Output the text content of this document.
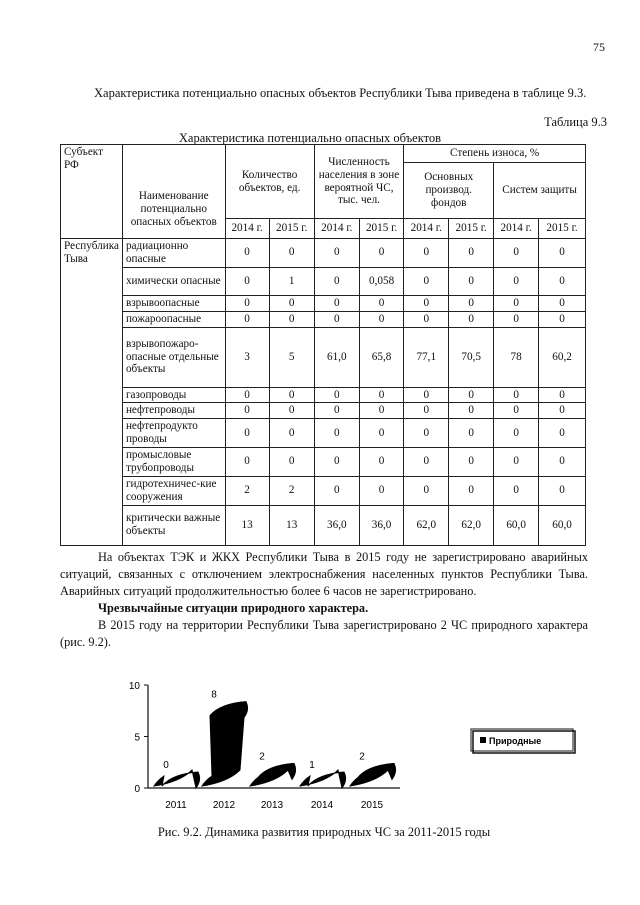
75
Характеристика потенциально опасных объектов Республики Тыва приведена в таблице 9.3.
Таблица 9.3
Характеристика потенциально опасных объектов
Субъект РФ	Наименование потенциально опасных объектов	Количество объектов, ед.		Численность населения в зоне вероятной ЧС, тыс. чел.		Степень износа, %			
						Основных производ. фондов		Систем защиты	
		2014 г.	2015 г.	2014 г.	2015 г.	2014 г.	2015 г.	2014 г.	2015 г.
Республика Тыва	радиационно опасные	0	0	0	0	0	0	0	0
	химически опасные	0	1	0	0,058	0	0	0	0
	взрывоопасные	0	0	0	0	0	0	0	0
	пожароопасные	0	0	0	0	0	0	0	0
	взрывопожаро-опасные отдельные объекты	3	5	61,0	65,8	77,1	70,5	78	60,2
	газопроводы	0	0	0	0	0	0	0	0
	нефтепроводы	0	0	0	0	0	0	0	0
	нефтепродукто проводы	0	0	0	0	0	0	0	0
	промысловые трубопроводы	0	0	0	0	0	0	0	0
	гидротехничес-кие сооружения	2	2	0	0	0	0	0	0
	критически важные объекты	13	13	36,0	36,0	62,0	62,0	60,0	60,0

На объектах ТЭК и ЖКХ Республики Тыва в 2015 году не зарегистрировано аварийных ситуаций, связанных с отключением электроснабжения населенных пунктов Республики Тыва. Аварийных ситуаций продолжительностью более 6 часов не зарегистрировано.

Чрезвычайные ситуации природного характера.

В 2015 году на территории Республики Тыва зарегистрировано 2 ЧС природного характера (рис. 9.2).

0
5
10
0
2011
8
2012
2
2013
1
2014
2
2015
Природные
Рис. 9.2. Динамика развития природных ЧС за 2011-2015 годы
